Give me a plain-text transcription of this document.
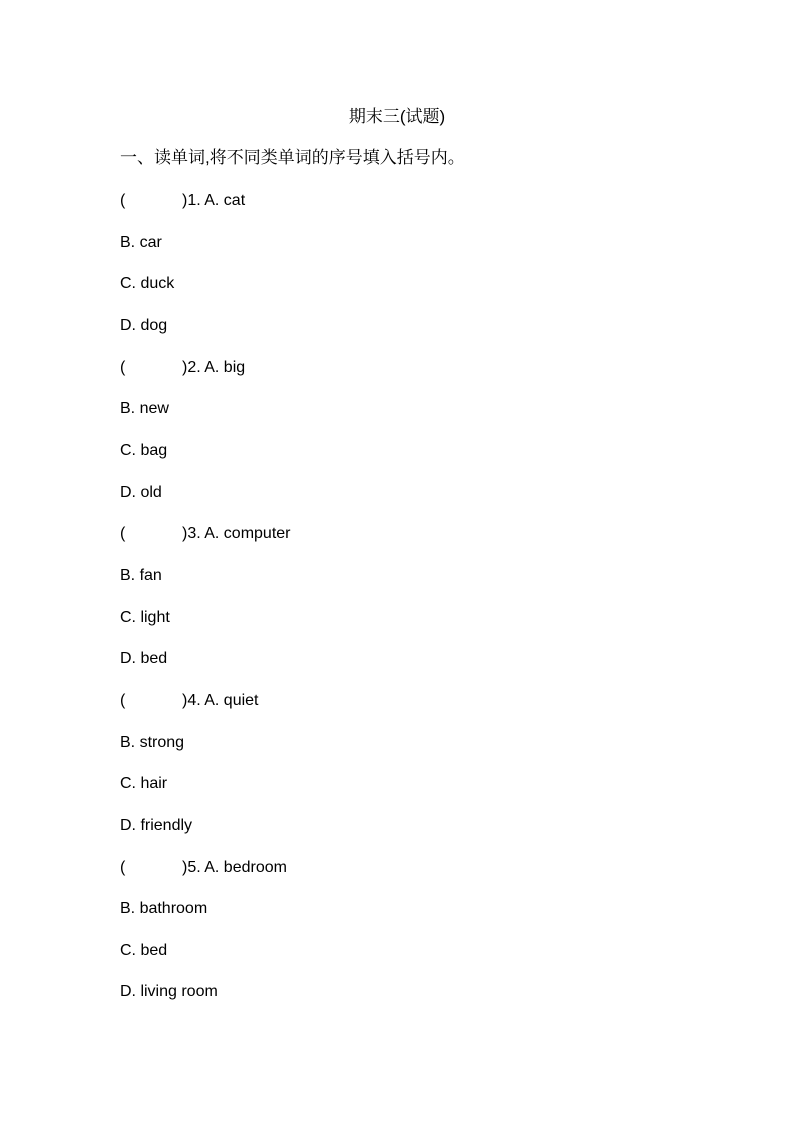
期末三(试题)
一、读单词,将不同类单词的序号填入括号内。
(	)1. A. cat
B. car
C. duck
D. dog
(	)2. A. big
B. new
C. bag
D. old
(	)3. A. computer
B. fan
C. light
D. bed
(	)4. A. quiet
B. strong
C. hair
D. friendly
(	)5. A. bedroom
B. bathroom
C. bed
D. living room
